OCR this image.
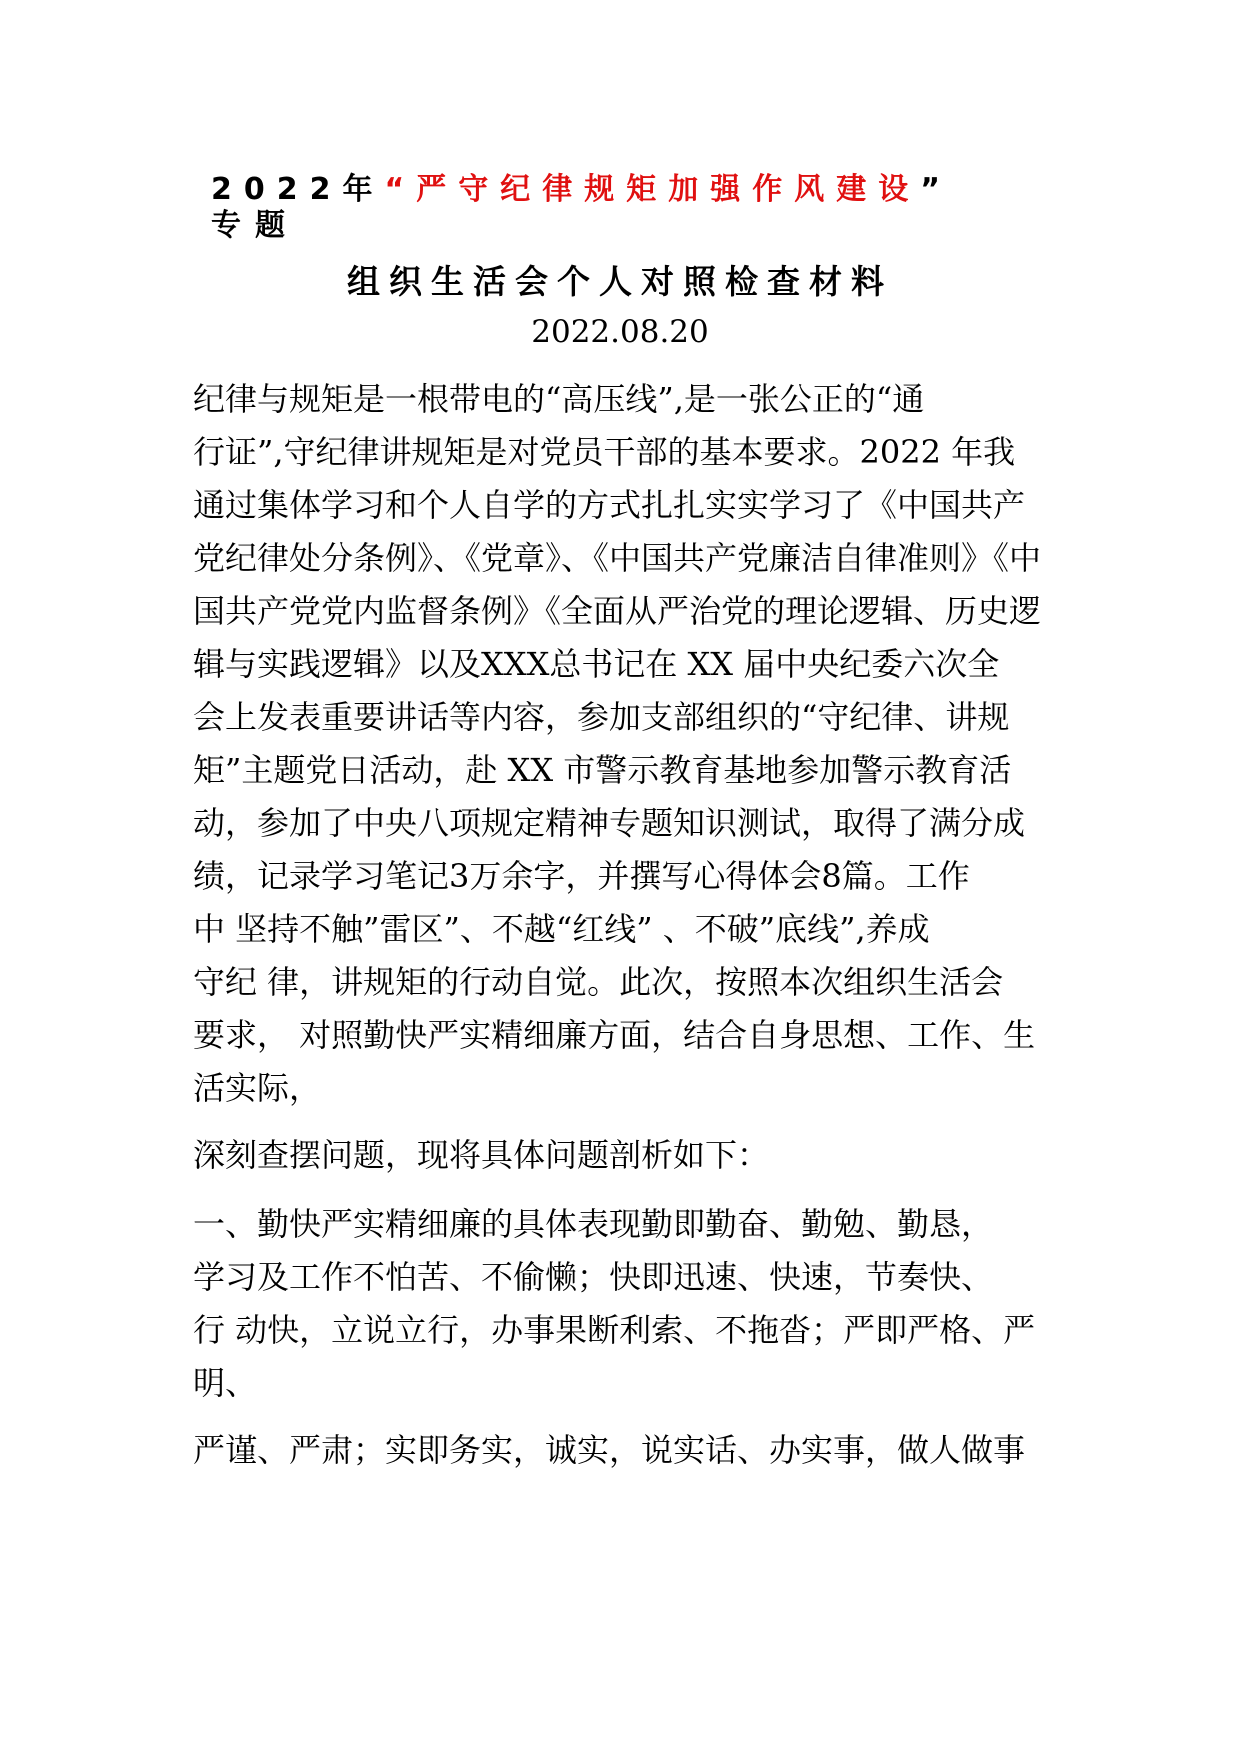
2022年“严守纪律规矩加强作风建设”
专题
组织生活会个人对照检查材料
2022.08.20
纪律与规矩是一根带电的“高压线”,是一张公正的“通
行证”,守纪律讲规矩是对党员干部的基本要求。2022 年我
通过集体学习和个人自学的方式扎扎实实学习了《中国共产
党纪律处分条例》、《党章》、《中国共产党廉洁自律准则》《中
国共产党党内监督条例》《全面从严治党的理论逻辑、历史逻
辑与实践逻辑》以及XXX总书记在 XX 届中央纪委六次全
会上发表重要讲话等内容，参加支部组织的“守纪律、讲规
矩”主题党日活动，赴 XX 市警示教育基地参加警示教育活
动，参加了中央八项规定精神专题知识测试，取得了满分成
绩，记录学习笔记3万余字，并撰写心得体会8篇。工作
中 坚持不触”雷区”、不越“红线” 、不破”底线”,养成
守纪 律，讲规矩的行动自觉。此次，按照本次组织生活会
要求， 对照勤快严实精细廉方面，结合自身思想、工作、生
活实际，
深刻查摆问题，现将具体问题剖析如下：
一、勤快严实精细廉的具体表现勤即勤奋、勤勉、勤恳，
学习及工作不怕苦、不偷懒；快即迅速、快速，节奏快、
行 动快，立说立行，办事果断利索、不拖沓；严即严格、严
明、
严谨、严肃；实即务实，诚实，说实话、办实事，做人做事
